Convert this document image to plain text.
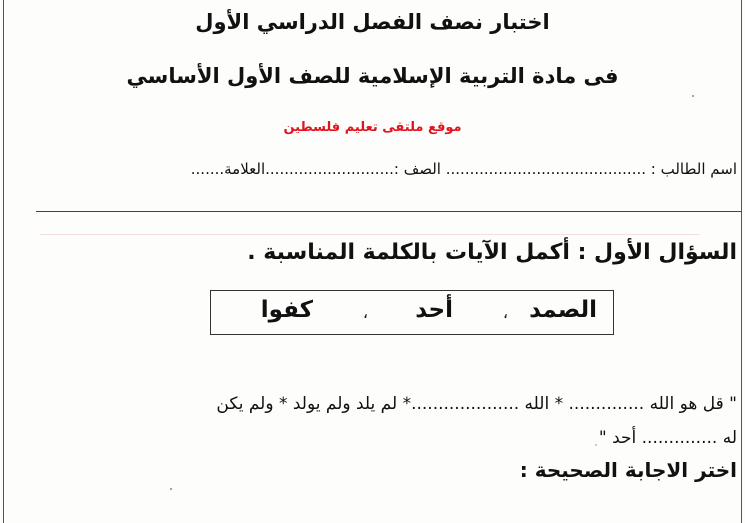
اختبار نصف الفصل الدراسي الأول
فى مادة التربية الإسلامية للصف الأول الأساسي
موقع ملتقى تعليم فلسطين
اسم الطالب : .......................................... الصف :...........................العلامة.......
السؤال الأول : أكمل الآيات بالكلمة المناسبة .
الصمد
،
أحد
،
كفوا
" قل هو الله .............. * الله ....................* لم يلد ولم يولد * ولم يكن
له .............. أحد "
اختر الاجابة الصحيحة :
